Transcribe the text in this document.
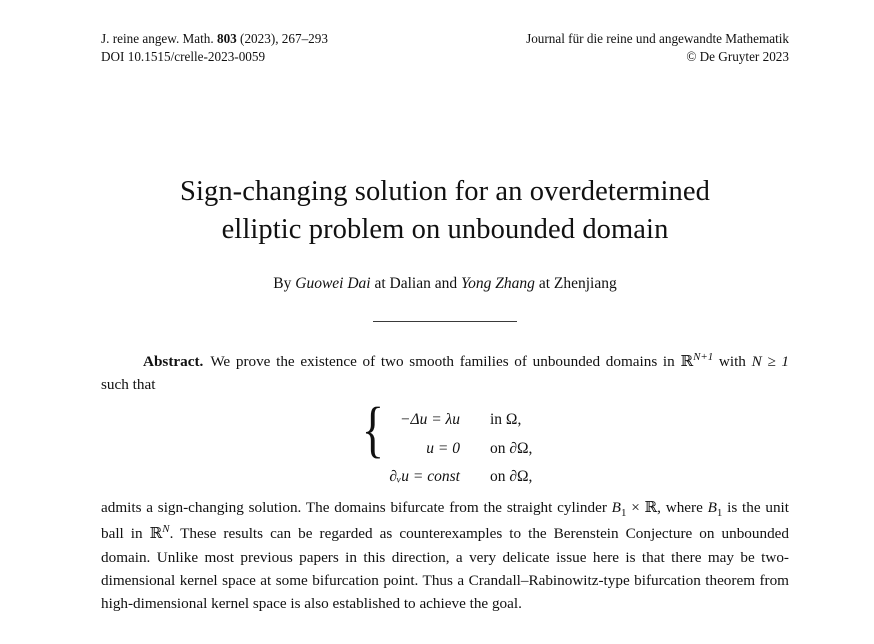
J. reine angew. Math. 803 (2023), 267–293
DOI 10.1515/crelle-2023-0059
Journal für die reine und angewandte Mathematik
© De Gruyter 2023
Sign-changing solution for an overdetermined
elliptic problem on unbounded domain
By Guowei Dai at Dalian and Yong Zhang at Zhenjiang

Abstract. We prove the existence of two smooth families of unbounded domains in ℝ$^{N+1}$ with N ≥ 1 such that

{	−Δu = λu in Ω,
u = 0 on ∂Ω,
∂ᵥu = const on ∂Ω,

admits a sign-changing solution. The domains bifurcate from the straight cylinder $B_1$ × ℝ, where $B_1$ is the unit ball in ℝ$^N$. These results can be regarded as counterexamples to the Berenstein Conjecture on unbounded domain. Unlike most previous papers in this direction, a very delicate issue here is that there may be two-dimensional kernel space at some bifurcation point. Thus a Crandall–Rabinowitz-type bifurcation theorem from high-dimensional kernel space is also established to achieve the goal.
